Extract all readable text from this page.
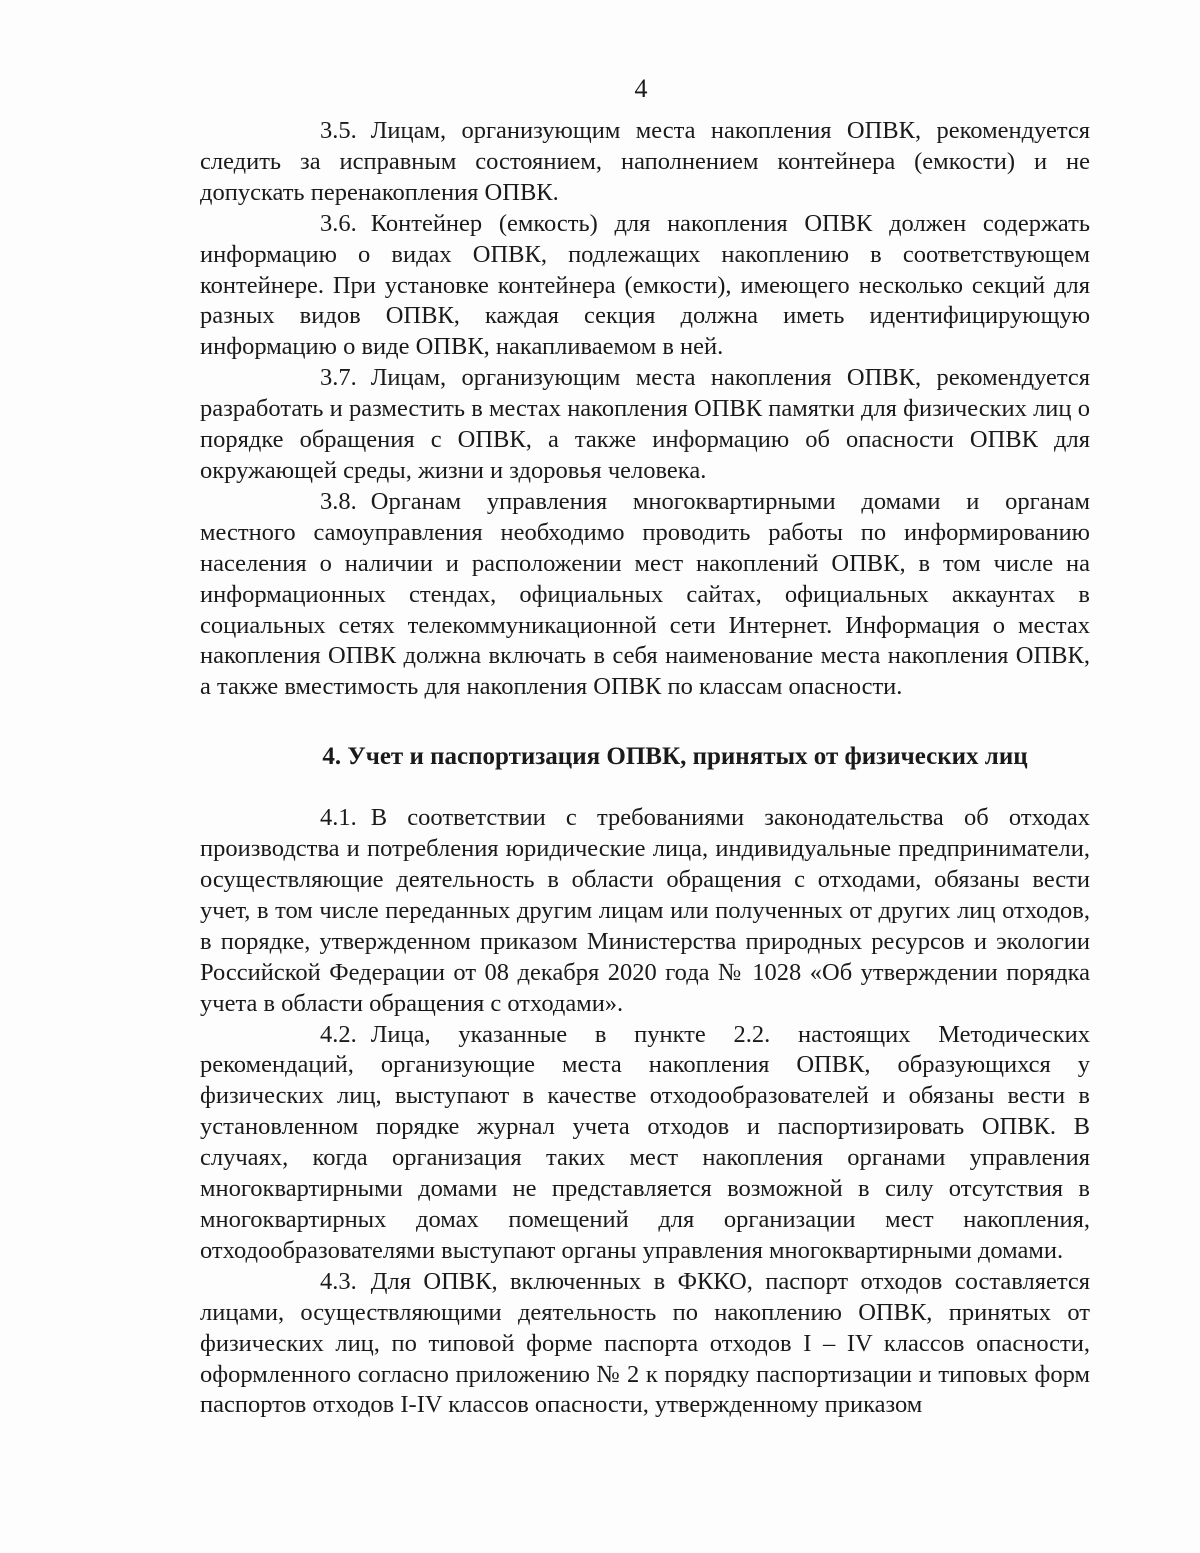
4

3.5. Лицам, организующим места накопления ОПВК, рекомендуется следить за исправным состоянием, наполнением контейнера (емкости) и не допускать перенакопления ОПВК.

3.6. Контейнер (емкость) для накопления ОПВК должен содержать информацию о видах ОПВК, подлежащих накоплению в соответствующем контейнере. При установке контейнера (емкости), имеющего несколько секций для разных видов ОПВК, каждая секция должна иметь идентифицирующую информацию о виде ОПВК, накапливаемом в ней.

3.7. Лицам, организующим места накопления ОПВК, рекомендуется разработать и разместить в местах накопления ОПВК памятки для физических лиц о порядке обращения с ОПВК, а также информацию об опасности ОПВК для окружающей среды, жизни и здоровья человека.

3.8. Органам управления многоквартирными домами и органам местного самоуправления необходимо проводить работы по информированию населения о наличии и расположении мест накоплений ОПВК, в том числе на информационных стендах, официальных сайтах, официальных аккаунтах в социальных сетях телекоммуникационной сети Интернет. Информация о местах накопления ОПВК должна включать в себя наименование места накопления ОПВК, а также вместимость для накопления ОПВК по классам опасности.

4. Учет и паспортизация ОПВК, принятых от физических лиц

4.1. В соответствии с требованиями законодательства об отходах производства и потребления юридические лица, индивидуальные предприниматели, осуществляющие деятельность в области обращения с отходами, обязаны вести учет, в том числе переданных другим лицам или полученных от других лиц отходов, в порядке, утвержденном приказом Министерства природных ресурсов и экологии Российской Федерации от 08 декабря 2020 года № 1028 «Об утверждении порядка учета в области обращения с отходами».

4.2. Лица, указанные в пункте 2.2. настоящих Методических рекомендаций, организующие места накопления ОПВК, образующихся у физических лиц, выступают в качестве отходообразователей и обязаны вести в установленном порядке журнал учета отходов и паспортизировать ОПВК. В случаях, когда организация таких мест накопления органами управления многоквартирными домами не представляется возможной в силу отсутствия в многоквартирных домах помещений для организации мест накопления, отходообразователями выступают органы управления многоквартирными домами.

4.3. Для ОПВК, включенных в ФККО, паспорт отходов составляется лицами, осуществляющими деятельность по накоплению ОПВК, принятых от физических лиц, по типовой форме паспорта отходов I – IV классов опасности, оформленного согласно приложению № 2 к порядку паспортизации и типовых форм паспортов отходов I-IV классов опасности, утвержденному приказом
